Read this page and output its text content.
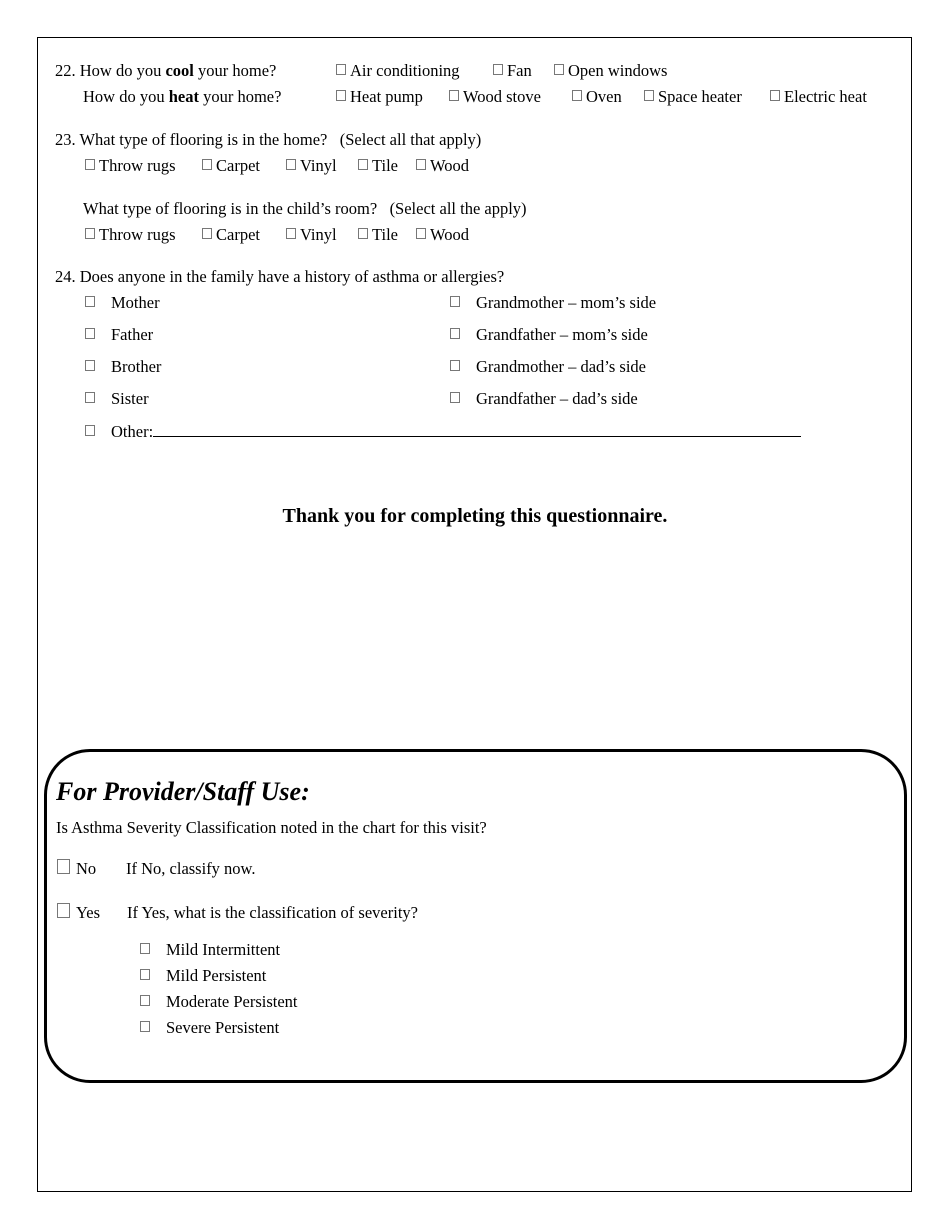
22. How do you cool your home?	Air conditioning	Fan	Open windows
How do you heat your home?	Heat pump	Wood stove	Oven	Space heater	Electric heat
23. What type of flooring is in the home?   (Select all that apply)
Throw rugs	Carpet	Vinyl	Tile	Wood
What type of flooring is in the child’s room?   (Select all the apply)
Throw rugs	Carpet	Vinyl	Tile	Wood
24. Does anyone in the family have a history of asthma or allergies?
Mother
Father
Brother
Sister
Grandmother – mom’s side
Grandfather – mom’s side
Grandmother – dad’s side
Grandfather – dad’s side
Other:
Thank you for completing this questionnaire.
For Provider/Staff Use:
Is Asthma Severity Classification noted in the chart for this visit?
No If No, classify now.
Yes If Yes, what is the classification of severity?
Mild Intermittent
Mild Persistent
Moderate Persistent
Severe Persistent
